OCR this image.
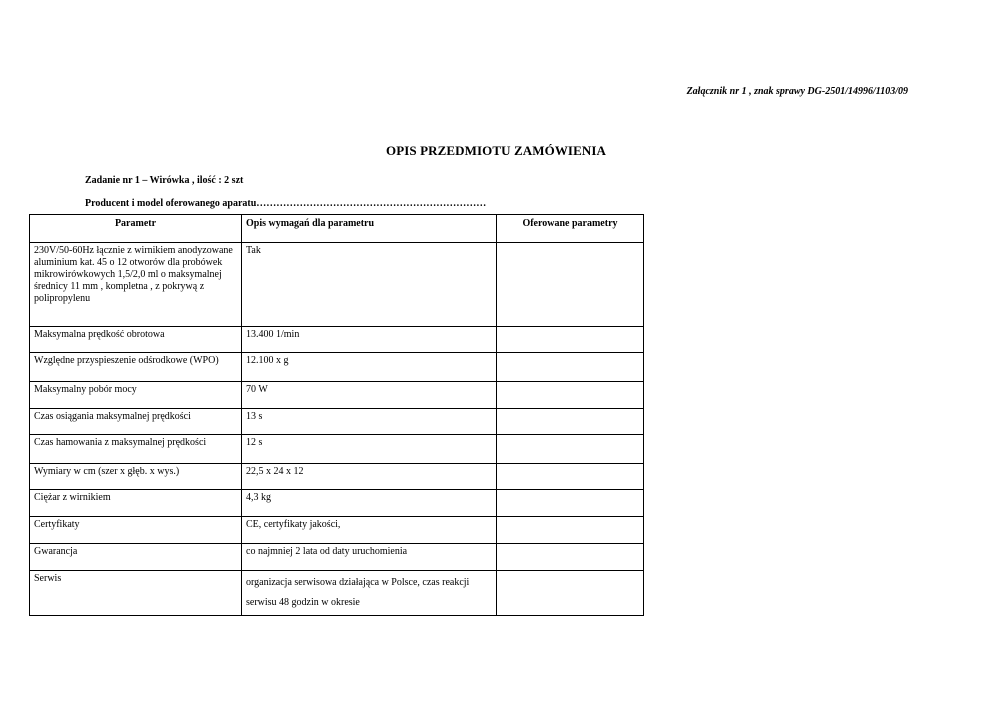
Załącznik nr 1 , znak sprawy DG-2501/14996/1103/09
OPIS PRZEDMIOTU ZAMÓWIENIA
Zadanie nr 1 – Wirówka , ilość : 2 szt
Producent i model oferowanego aparatu……………………………………………………………
Parametr	Opis wymagań dla parametru	Oferowane parametry
230V/50-60Hz łącznie z wirnikiem anodyzowane aluminium kat. 45 o 12 otworów dla probówek mikrowirówkowych 1,5/2,0 ml o maksymalnej średnicy 11 mm , kompletna , z pokrywą z polipropylenu	Tak	
Maksymalna prędkość obrotowa	13.400 1/min	
Względne przyspieszenie odśrodkowe (WPO)	12.100 x g	
Maksymalny pobór mocy	70 W	
Czas osiągania maksymalnej prędkości	13 s	
Czas hamowania z maksymalnej prędkości	12 s	
Wymiary w cm (szer x głęb. x wys.)	22,5 x 24 x 12	
Ciężar z wirnikiem	4,3 kg	
Certyfikaty	CE, certyfikaty jakości,	
Gwarancja	co najmniej 2 lata od daty uruchomienia	
Serwis	organizacja serwisowa działająca w Polsce, czas reakcji serwisu 48 godzin w okresie	
